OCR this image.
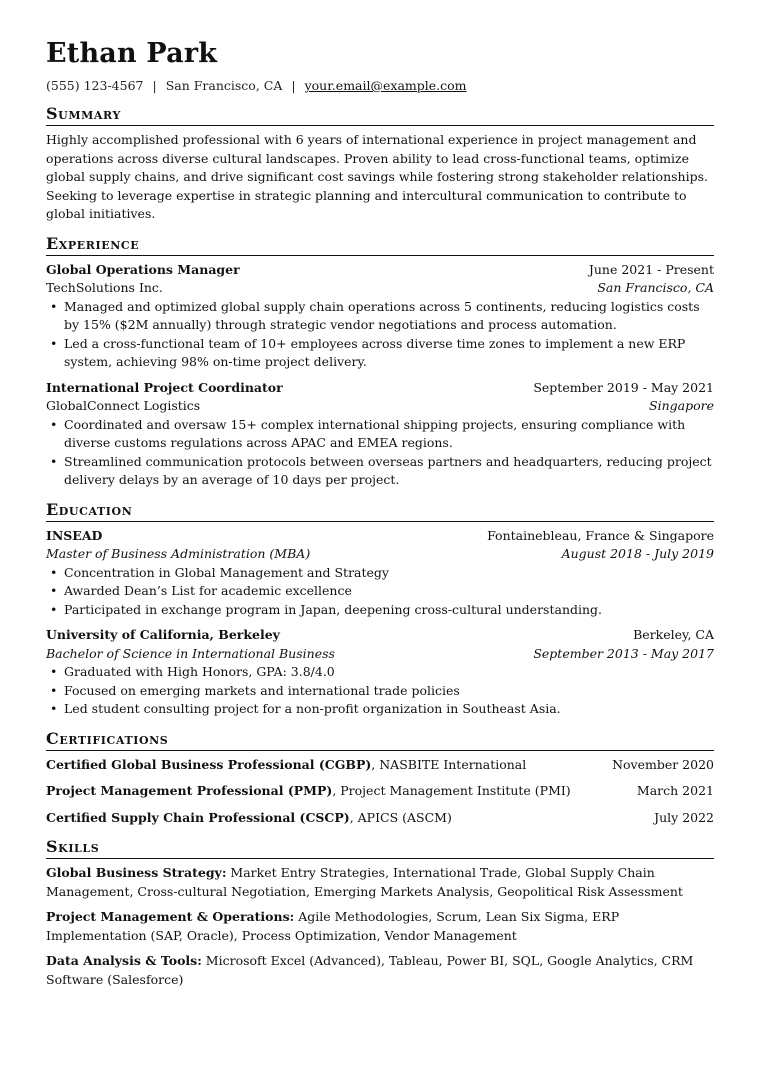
Ethan Park
(555) 123-4567 | San Francisco, CA | your.email@example.com
Summary

Highly accomplished professional with 6 years of international experience in project management and operations across diverse cultural landscapes. Proven ability to lead cross-functional teams, optimize global supply chains, and drive significant cost savings while fostering strong stakeholder relationships. Seeking to leverage expertise in strategic planning and intercultural communication to contribute to global initiatives.

Experience
Global Operations Manager	June 2021 - Present
TechSolutions Inc.	San Francisco, CA
• Managed and optimized global supply chain operations across 5 continents, reducing logistics costs by 15% ($2M annually) through strategic vendor negotiations and process automation.
• Led a cross-functional team of 10+ employees across diverse time zones to implement a new ERP system, achieving 98% on-time project delivery.
International Project Coordinator	September 2019 - May 2021
GlobalConnect Logistics	Singapore
• Coordinated and oversaw 15+ complex international shipping projects, ensuring compliance with diverse customs regulations across APAC and EMEA regions.
• Streamlined communication protocols between overseas partners and headquarters, reducing project delivery delays by an average of 10 days per project.
Education
INSEAD	Fontainebleau, France & Singapore
Master of Business Administration (MBA)	August 2018 - July 2019
• Concentration in Global Management and Strategy
• Awarded Dean’s List for academic excellence
• Participated in exchange program in Japan, deepening cross-cultural understanding.
University of California, Berkeley	Berkeley, CA
Bachelor of Science in International Business	September 2013 - May 2017
• Graduated with High Honors, GPA: 3.8/4.0
• Focused on emerging markets and international trade policies
• Led student consulting project for a non-profit organization in Southeast Asia.
Certifications
Certified Global Business Professional (CGBP), NASBITE International	November 2020
Project Management Professional (PMP), Project Management Institute (PMI)	March 2021
Certified Supply Chain Professional (CSCP), APICS (ASCM)	July 2022
Skills
Global Business Strategy: Market Entry Strategies, International Trade, Global Supply Chain Management, Cross-cultural Negotiation, Emerging Markets Analysis, Geopolitical Risk Assessment
Project Management & Operations: Agile Methodologies, Scrum, Lean Six Sigma, ERP Implementation (SAP, Oracle), Process Optimization, Vendor Management
Data Analysis & Tools: Microsoft Excel (Advanced), Tableau, Power BI, SQL, Google Analytics, CRM Software (Salesforce)
